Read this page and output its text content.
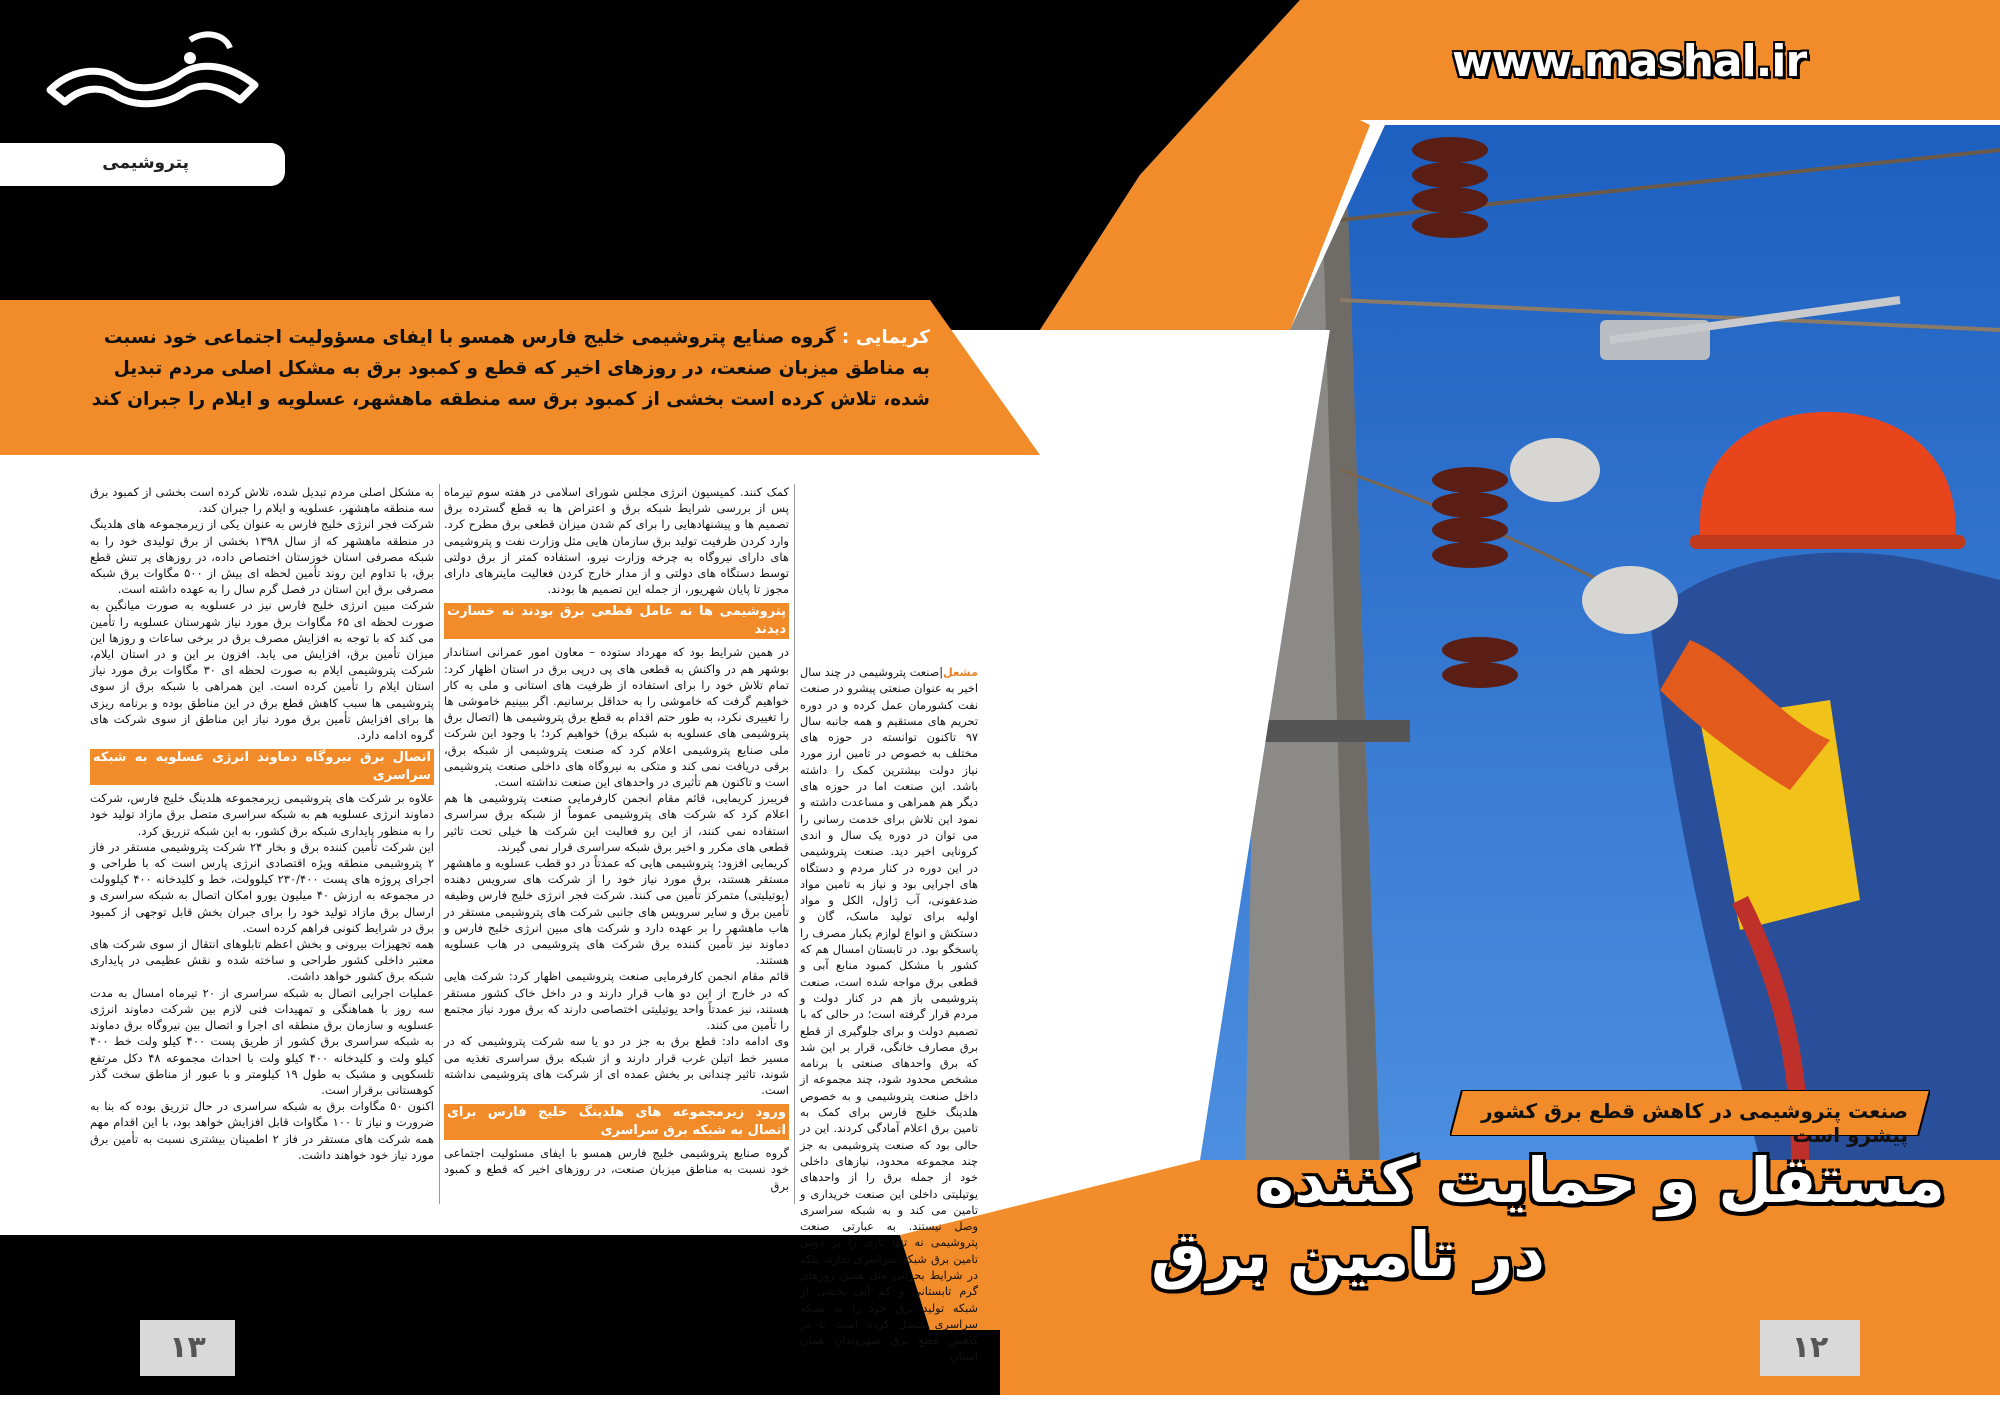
www.mashal.ir
پتروشیمی
کریمایی : گروه صنایع پتروشیمی خلیج فارس همسو با ایفای مسؤولیت اجتماعی خود نسبت به مناطق میزبان صنعت، در روزهای اخیر که قطع و کمبود برق به مشکل اصلی مردم تبدیل شده، تلاش کرده است بخشی از کمبود برق سه منطقه ماهشهر، عسلویه و ایلام را جبران کند

به مشکل اصلی مردم تبدیل شده، تلاش کرده است بخشی از کمبود برق سه منطقه ماهشهر، عسلویه و ایلام را جبران کند.

شرکت فجر انرژی خلیج فارس به عنوان یکی از زیرمجموعه های هلدینگ در منطقه ماهشهر که از سال ۱۳۹۸ بخشی از برق تولیدی خود را به شبکه مصرفی استان خوزستان اختصاص داده، در روزهای پر تنش قطع برق، با تداوم این روند تأمین لحظه ای بیش از ۵۰۰ مگاوات برق شبکه مصرفی برق این استان در فصل گرم سال را به عهده داشته است.

شرکت مبین انرژی خلیج فارس نیز در عسلویه به صورت میانگین به صورت لحظه ای ۶۵ مگاوات برق مورد نیاز شهرستان عسلویه را تأمین می کند که با توجه به افزایش مصرف برق در برخی ساعات و روزها این میزان تأمین برق، افزایش می یابد. افزون بر این و در استان ایلام، شرکت پتروشیمی ایلام به صورت لحظه ای ۳۰ مگاوات برق مورد نیاز استان ایلام را تأمین کرده است. این همراهی با شبکه برق از سوی پتروشیمی ها سبب کاهش قطع برق در این مناطق بوده و برنامه ریزی ها برای افزایش تأمین برق مورد نیاز این مناطق از سوی شرکت های گروه ادامه دارد.

اتصال برق نیروگاه دماوند انرژی عسلویه به شبکه سراسری

علاوه بر شرکت های پتروشیمی زیرمجموعه هلدینگ خلیج فارس، شرکت دماوند انرژی عسلویه هم به شبکه سراسری متصل برق مازاد تولید خود را به منظور پایداری شبکه برق کشور، به این شبکه تزریق کرد.

این شرکت تأمین کننده برق و بخار ۲۴ شرکت پتروشیمی مستقر در فاز ۲ پتروشیمی منطقه ویژه اقتصادی انرژی پارس است که با طراحی و اجرای پروژه های پست ۲۳۰/۴۰۰ کیلوولت، خط و کلیدخانه ۴۰۰ کیلوولت در مجموعه به ارزش ۴۰ میلیون یورو امکان اتصال به شبکه سراسری و ارسال برق مازاد تولید خود را برای جبران بخش قابل توجهی از کمبود برق در شرایط کنونی فراهم کرده است.

همه تجهیزات بیرونی و بخش اعظم تابلوهای انتقال از سوی شرکت های معتبر داخلی کشور طراحی و ساخته شده و نقش عظیمی در پایداری شبکه برق کشور خواهد داشت.

عملیات اجرایی اتصال به شبکه سراسری از ۲۰ تیرماه امسال به مدت سه روز با هماهنگی و تمهیدات فنی لازم بین شرکت دماوند انرژی عسلویه و سازمان برق منطقه ای اجرا و اتصال بین نیروگاه برق دماوند به شبکه سراسری برق کشور از طریق پست ۴۰۰ کیلو ولت خط ۴۰۰ کیلو ولت و کلیدخانه ۴۰۰ کیلو ولت با احداث مجموعه ۴۸ دکل مرتفع تلسکوپی و مشبک به طول ۱۹ کیلومتر و با عبور از مناطق سخت گذر کوهستانی برقرار است.

اکنون ۵۰ مگاوات برق به شبکه سراسری در حال تزریق بوده که بنا به ضرورت و نیاز تا ۱۰۰ مگاوات قابل افزایش خواهد بود، با این اقدام مهم همه شرکت های مستقر در فاز ۲ اطمینان بیشتری نسبت به تأمین برق مورد نیاز خود خواهند داشت.

کمک کنند. کمیسیون انرژی مجلس شورای اسلامی در هفته سوم تیرماه پس از بررسی شرایط شبکه برق و اعتراض ها به قطع گسترده برق تصمیم ها و پیشنهادهایی را برای کم شدن میزان قطعی برق مطرح کرد. وارد کردن ظرفیت تولید برق سازمان هایی مثل وزارت نفت و پتروشیمی های دارای نیروگاه به چرخه وزارت نیرو، استفاده کمتر از برق دولتی توسط دستگاه های دولتی و از مدار خارج کردن فعالیت ماینرهای دارای مجوز تا پایان شهریور، از جمله این تصمیم ها بودند.

پتروشیمی ها نه عامل قطعی برق بودند نه خسارت دیدند

در همین شرایط بود که مهرداد ستوده – معاون امور عمرانی استاندار بوشهر هم در واکنش به قطعی های پی درپی برق در استان اظهار کرد: تمام تلاش خود را برای استفاده از ظرفیت های استانی و ملی به کار خواهیم گرفت که خاموشی را به حداقل برسانیم. اگر ببینیم خاموشی ها را تغییری نکرد، به طور حتم اقدام به قطع برق پتروشیمی ها (اتصال برق پتروشیمی های عسلویه به شبکه برق) خواهیم کرد؛ با وجود این شرکت ملی صنایع پتروشیمی اعلام کرد که صنعت پتروشیمی از شبکه برق، برقی دریافت نمی کند و متکی به نیروگاه های داخلی صنعت پتروشیمی است و تاکنون هم تأثیری در واحدهای این صنعت نداشته است.

فریبرز کریمایی، قائم مقام انجمن کارفرمایی صنعت پتروشیمی ها هم اعلام کرد که شرکت های پتروشیمی عموماً از شبکه برق سراسری استفاده نمی کنند، از این رو فعالیت این شرکت ها خیلی تحت تاثیر قطعی های مکرر و اخیر برق شبکه سراسری قرار نمی گیرند.

کریمایی افزود: پتروشیمی هایی که عمدتاً در دو قطب عسلویه و ماهشهر مستقر هستند، برق مورد نیاز خود را از شرکت های سرویس دهنده (یوتیلیتی) متمرکز تأمین می کنند. شرکت فجر انرژی خلیج فارس وظیفه تأمین برق و سایر سرویس های جانبی شرکت های پتروشیمی مستقر در هاب ماهشهر را بر عهده دارد و شرکت های مبین انرژی خلیج فارس و دماوند نیز تأمین کننده برق شرکت های پتروشیمی در هاب عسلویه هستند.

قائم مقام انجمن کارفرمایی صنعت پتروشیمی اظهار کرد: شرکت هایی که در خارج از این دو هاب قرار دارند و در داخل خاک کشور مستقر هستند، نیز عمدتاً واحد یوتیلیتی اختصاصی دارند که برق مورد نیاز مجتمع را تأمین می کنند.

وی ادامه داد: قطع برق به جز در دو یا سه شرکت پتروشیمی که در مسیر خط اتیلن غرب قرار دارند و از شبکه برق سراسری تغذیه می شوند، تاثیر چندانی بر بخش عمده ای از شرکت های پتروشیمی نداشته است.

ورود زیرمجموعه های هلدینگ خلیج فارس برای اتصال به شبکه برق سراسری

گروه صنایع پتروشیمی خلیج فارس همسو با ایفای مسئولیت اجتماعی خود نسبت به مناطق میزبان صنعت، در روزهای اخیر که قطع و کمبود برق

مشعل|صنعت پتروشیمی در چند سال اخیر به عنوان صنعتی پیشرو در صنعت نفت کشورمان عمل کرده و در دوره تحریم های مستقیم و همه جانبه سال ۹۷ تاکنون توانسته در حوزه های مختلف به خصوص در تامین ارز مورد نیاز دولت بیشترین کمک را داشته باشد. این صنعت اما در حوزه های دیگر هم همراهی و مساعدت داشته و نمود این تلاش برای خدمت رسانی را می توان در دوره یک سال و اندی کرونایی اخیر دید. صنعت پتروشیمی در این دوره در کنار مردم و دستگاه های اجرایی بود و نیاز به تامین مواد ضدعفونی، آب ژاول، الکل و مواد اولیه برای تولید ماسک، گان و دستکش و انواع لوازم یکبار مصرف را پاسخگو بود. در تابستان امسال هم که کشور با مشکل کمبود منابع آبی و قطعی برق مواجه شده است، صنعت پتروشیمی باز هم در کنار دولت و مردم قرار گرفته است؛ در حالی که با تصمیم دولت و برای جلوگیری از قطع برق مصارف خانگی، قرار بر این شد که برق واحدهای صنعتی با برنامه مشخص محدود شود، چند مجموعه از داخل صنعت پتروشیمی و به خصوص هلدینگ خلیج فارس برای کمک به تامین برق اعلام آمادگی کردند. این در حالی بود که صنعت پتروشیمی به جز چند مجموعه محدود، نیازهای داخلی خود از جمله برق را از واحدهای یوتیلیتی داخلی این صنعت خریداری و تامین می کند و به شبکه سراسری وصل نیستند. به عبارتی صنعت پتروشیمی نه تنها باری را بر دوش تامین برق شبکه سراسری ندارد، بلکه در شرایط بحرانی مثل همین روزهای گرم تابستانی و کم آبی بخشی از شبکه تولید برق خود را به شبکه سراسری متصل کرده است تا در کاهش قطع برق شهروندان همان استان
صنعت پتروشیمی در کاهش قطع برق کشور پیشرو است
مستقل و حمایت کننده
در تامین برق
۱۳	۱۲
